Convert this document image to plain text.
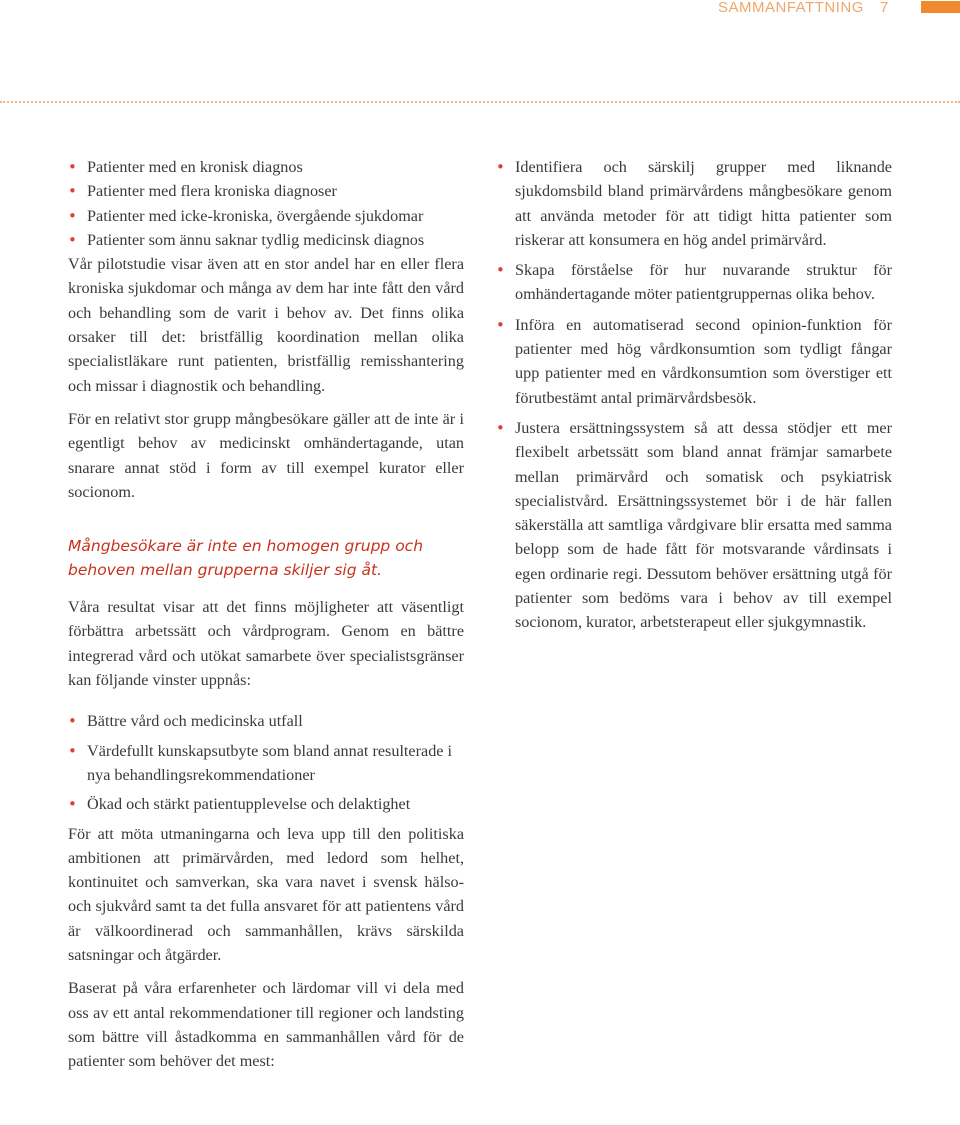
SAMMANFATTNING 7
• Patienter med en kronisk diagnos
• Patienter med flera kroniska diagnoser
• Patienter med icke-kroniska, övergående sjukdomar
• Patienter som ännu saknar tydlig medicinsk diagnos

Vår pilotstudie visar även att en stor andel har en eller flera kroniska sjukdomar och många av dem har inte fått den vård och behandling som de varit i behov av. Det finns olika orsaker till det: bristfällig koordination mellan olika specialistläkare runt patienten, bristfällig remisshantering och missar i diagnostik och behandling.

För en relativt stor grupp mångbesökare gäller att de inte är i egentligt behov av medicinskt omhändertagande, utan snarare annat stöd i form av till exempel kurator eller socionom.

Mångbesökare är inte en homogen grupp och behoven mellan grupperna skiljer sig åt.

Våra resultat visar att det finns möjligheter att väsentligt förbättra arbetssätt och vårdprogram. Genom en bättre integrerad vård och utökat samarbete över specialistsgränser kan följande vinster uppnås:

• Bättre vård och medicinska utfall
• Värdefullt kunskapsutbyte som bland annat resulterade i nya behandlingsrekommendationer
• Ökad och stärkt patientupplevelse och delaktighet

För att möta utmaningarna och leva upp till den politiska ambitionen att primärvården, med ledord som helhet, kontinuitet och samverkan, ska vara navet i svensk hälso- och sjukvård samt ta det fulla ansvaret för att patientens vård är välkoordinerad och sammanhållen, krävs särskilda satsningar och åtgärder.

Baserat på våra erfarenheter och lärdomar vill vi dela med oss av ett antal rekommendationer till regioner och landsting som bättre vill åstadkomma en sammanhållen vård för de patienter som behöver det mest:

• Identifiera och särskilj grupper med liknande sjukdomsbild bland primärvårdens mångbesökare genom att använda metoder för att tidigt hitta patienter som riskerar att konsumera en hög andel primärvård.
• Skapa förståelse för hur nuvarande struktur för omhändertagande möter patientgruppernas olika behov.
• Införa en automatiserad second opinion-funktion för patienter med hög vårdkonsumtion som tydligt fångar upp patienter med en vårdkonsumtion som överstiger ett förutbestämt antal primärvårdsbesök.
• Justera ersättningssystem så att dessa stödjer ett mer flexibelt arbetssätt som bland annat främjar samarbete mellan primärvård och somatisk och psykiatrisk specialistvård. Ersättningssystemet bör i de här fallen säkerställa att samtliga vårdgivare blir ersatta med samma belopp som de hade fått för motsvarande vårdinsats i egen ordinarie regi. Dessutom behöver ersättning utgå för patienter som bedöms vara i behov av till exempel socionom, kurator, arbetsterapeut eller sjukgymnastik.
